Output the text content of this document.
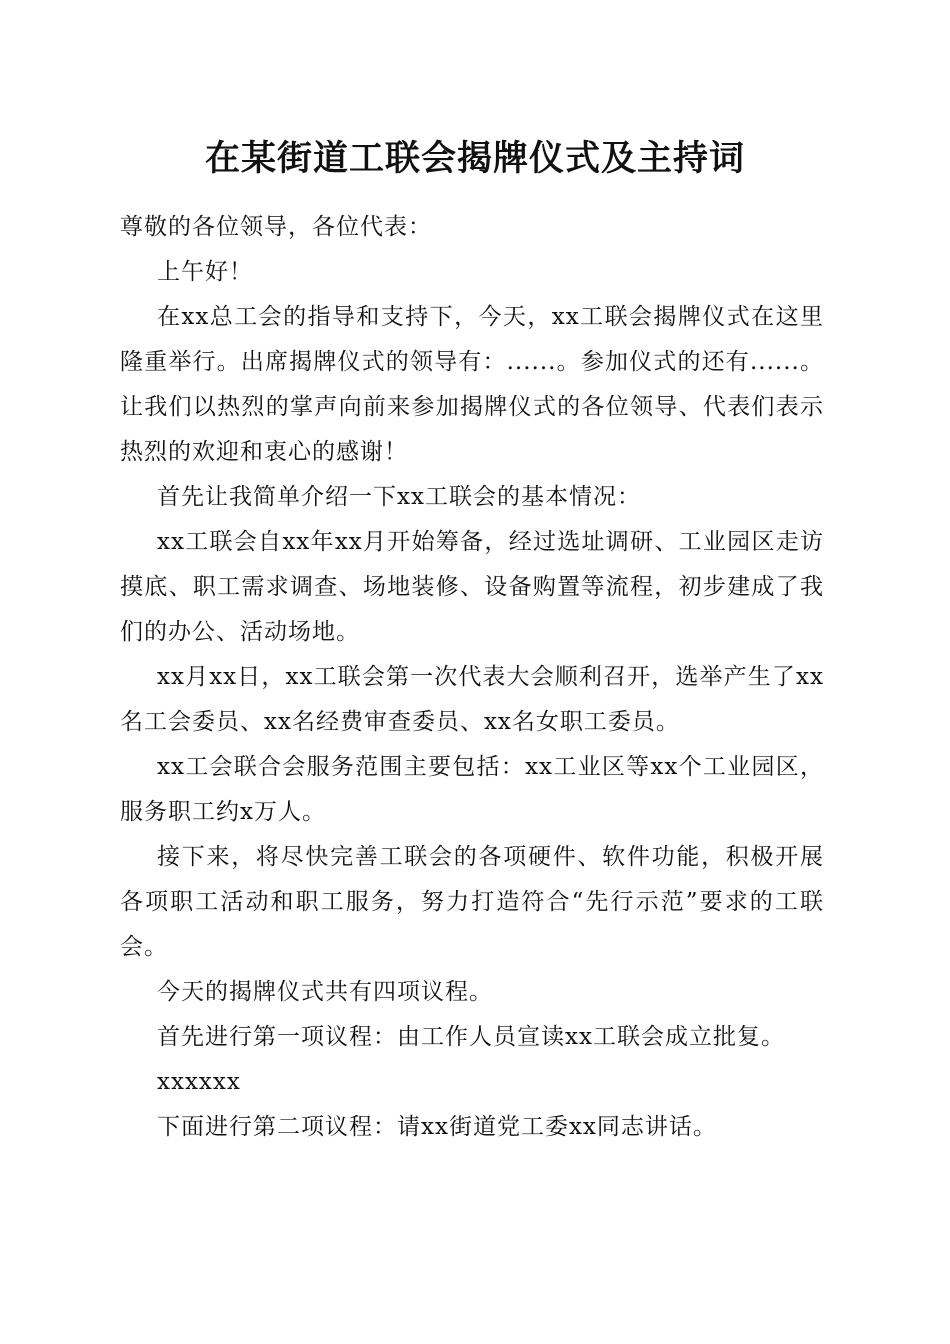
在某街道工联会揭牌仪式及主持词

尊敬的各位领导，各位代表：

上午好！

在xx总工会的指导和支持下，今天，xx工联会揭牌仪式在这里隆重举行。出席揭牌仪式的领导有：......。参加仪式的还有......。让我们以热烈的掌声向前来参加揭牌仪式的各位领导、代表们表示热烈的欢迎和衷心的感谢！

首先让我简单介绍一下xx工联会的基本情况：

xx工联会自xx年xx月开始筹备，经过选址调研、工业园区走访摸底、职工需求调查、场地装修、设备购置等流程，初步建成了我们的办公、活动场地。

xx月xx日，xx工联会第一次代表大会顺利召开，选举产生了xx名工会委员、xx名经费审查委员、xx名女职工委员。

xx工会联合会服务范围主要包括：xx工业区等xx个工业园区，服务职工约x万人。

接下来，将尽快完善工联会的各项硬件、软件功能，积极开展各项职工活动和职工服务，努力打造符合“先行示范”要求的工联会。

今天的揭牌仪式共有四项议程。

首先进行第一项议程：由工作人员宣读xx工联会成立批复。

xxxxxx

下面进行第二项议程：请xx街道党工委xx同志讲话。
